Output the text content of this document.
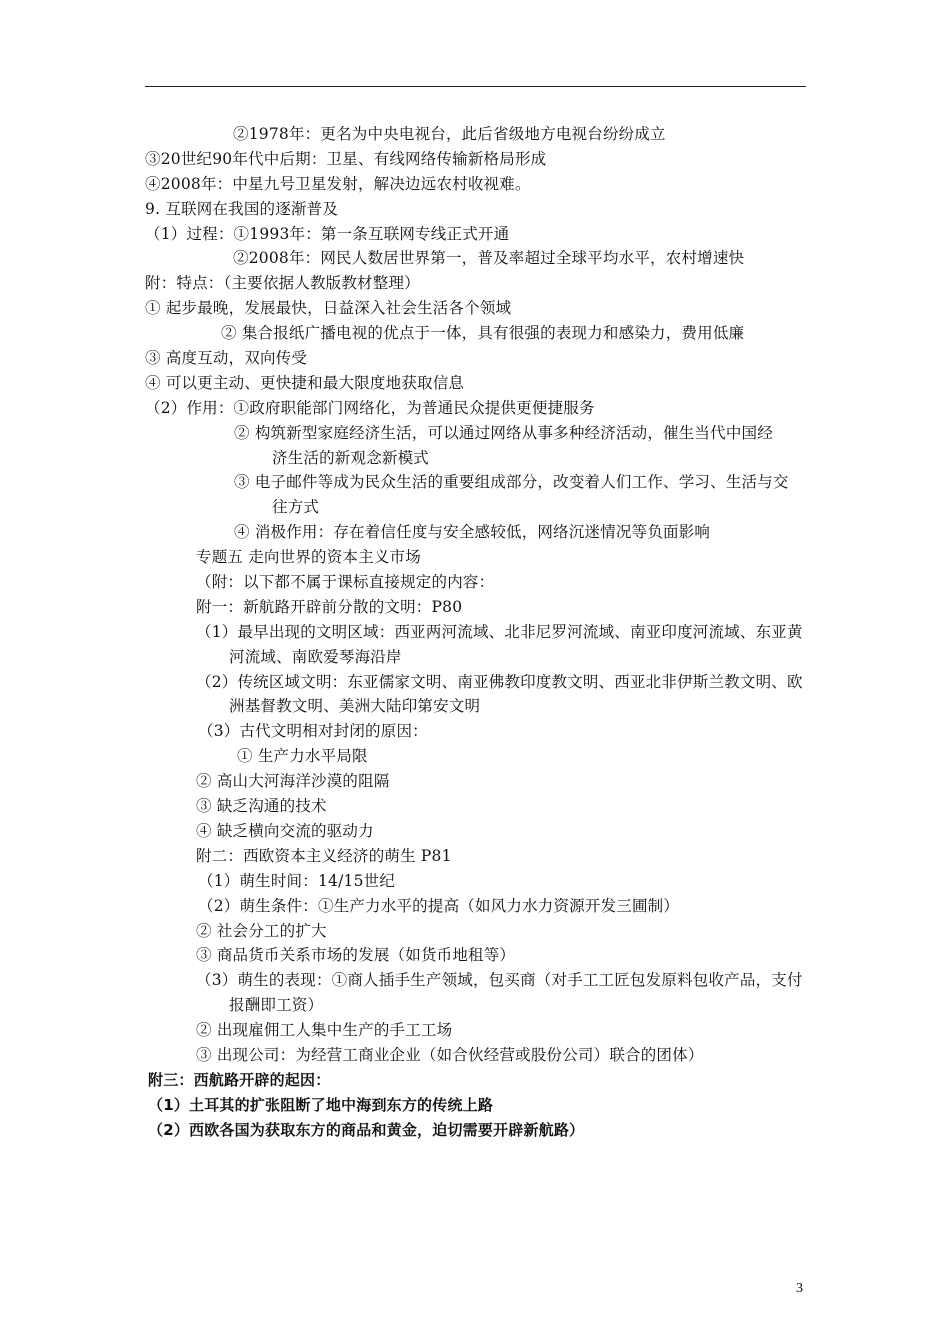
②1978年：更名为中央电视台，此后省级地方电视台纷纷成立
③20世纪90年代中后期：卫星、有线网络传输新格局形成
④2008年：中星九号卫星发射，解决边远农村收视难。
9. 互联网在我国的逐渐普及
（1）过程：①1993年：第一条互联网专线正式开通
②2008年：网民人数居世界第一，普及率超过全球平均水平，农村增速快
附：特点：（主要依据人教版教材整理）
① 起步最晚，发展最快，日益深入社会生活各个领域
② 集合报纸广播电视的优点于一体，具有很强的表现力和感染力，费用低廉
③ 高度互动，双向传受
④ 可以更主动、更快捷和最大限度地获取信息
（2）作用：①政府职能部门网络化，为普通民众提供更便捷服务
② 构筑新型家庭经济生活，可以通过网络从事多种经济活动，催生当代中国经
济生活的新观念新模式
③ 电子邮件等成为民众生活的重要组成部分，改变着人们工作、学习、生活与交
往方式
④ 消极作用：存在着信任度与安全感较低，网络沉迷情况等负面影响
专题五 走向世界的资本主义市场
（附：以下都不属于课标直接规定的内容：
附一：新航路开辟前分散的文明：P80
（1）最早出现的文明区域：西亚两河流域、北非尼罗河流域、南亚印度河流域、东亚黄
河流域、南欧爱琴海沿岸
（2）传统区域文明：东亚儒家文明、南亚佛教印度教文明、西亚北非伊斯兰教文明、欧
洲基督教文明、美洲大陆印第安文明
（3）古代文明相对封闭的原因：
① 生产力水平局限
② 高山大河海洋沙漠的阻隔
③ 缺乏沟通的技术
④ 缺乏横向交流的驱动力
附二：西欧资本主义经济的萌生 P81
（1）萌生时间：14/15世纪
（2）萌生条件：①生产力水平的提高（如风力水力资源开发三圃制）
② 社会分工的扩大
③ 商品货币关系市场的发展（如货币地租等）
（3）萌生的表现：①商人插手生产领域，包买商（对手工工匠包发原料包收产品，支付
报酬即工资）
② 出现雇佣工人集中生产的手工工场
③ 出现公司：为经营工商业企业（如合伙经营或股份公司）联合的团体）
附三：西航路开辟的起因：
（1）土耳其的扩张阻断了地中海到东方的传统上路
（2）西欧各国为获取东方的商品和黄金，迫切需要开辟新航路）
3
